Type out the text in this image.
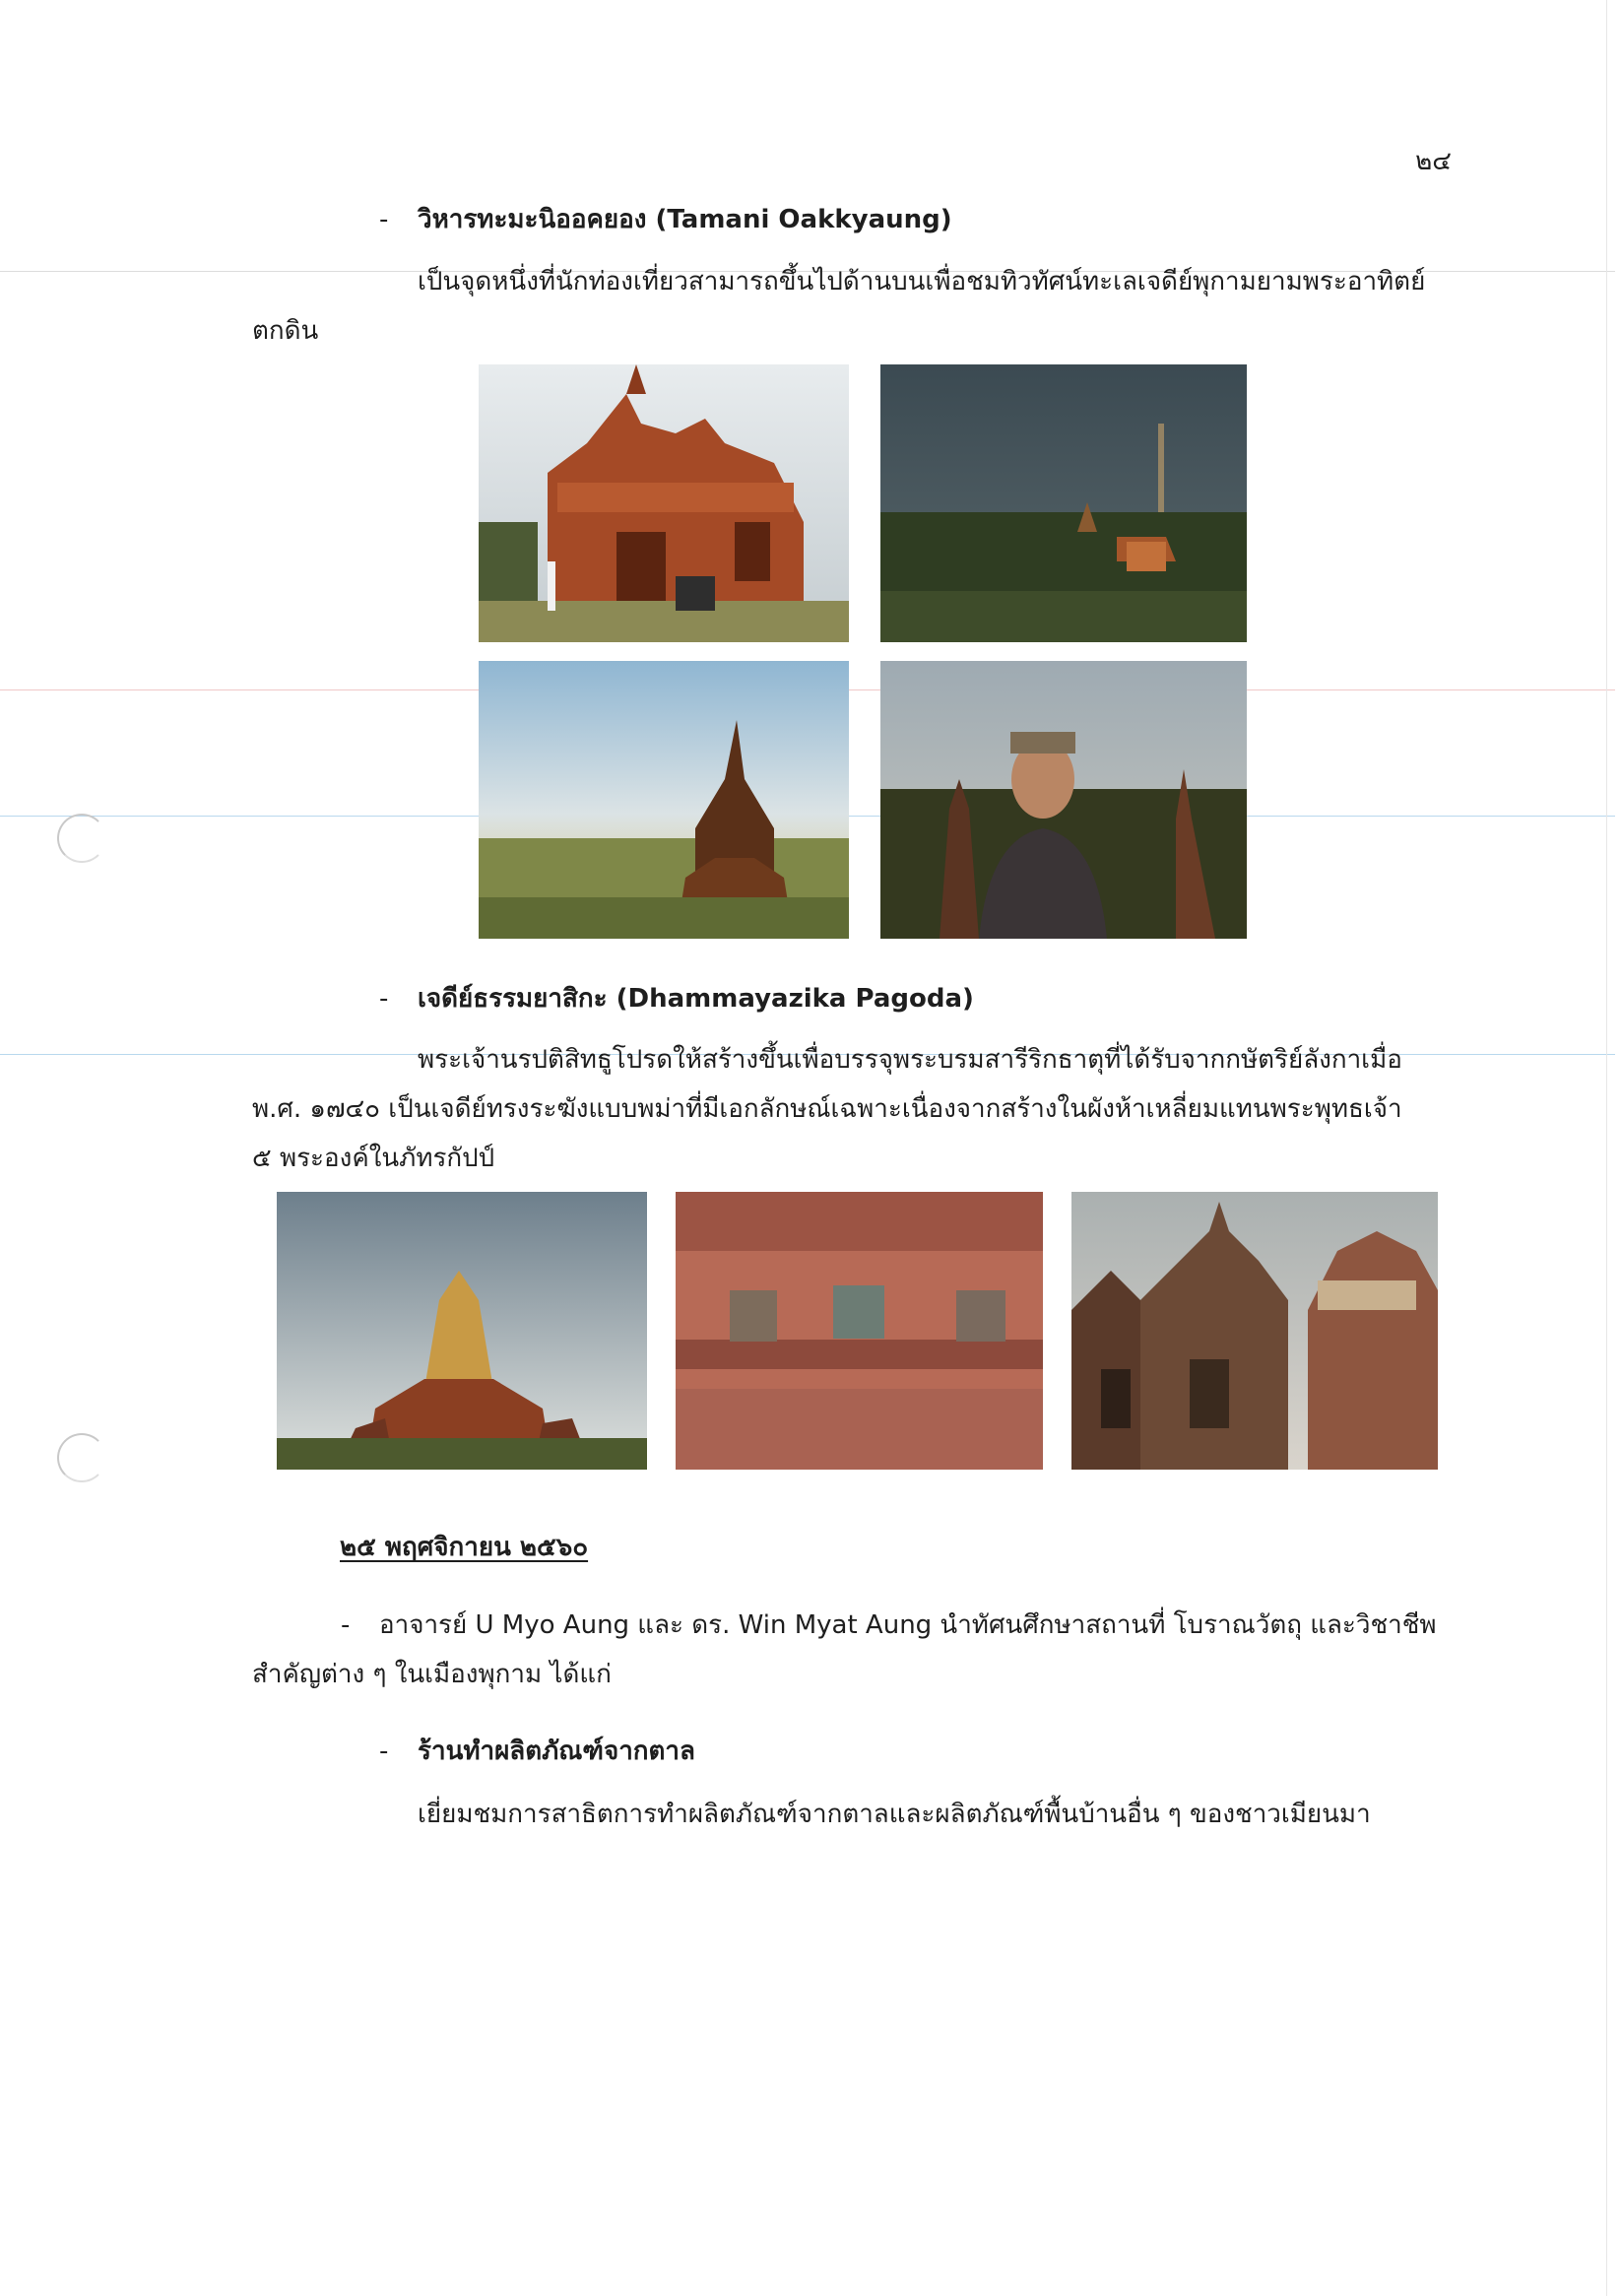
๒๔
- วิหารทะมะนิออคยอง (Tamani Oakkyaung)
เป็นจุดหนึ่งที่นักท่องเที่ยวสามารถขึ้นไปด้านบนเพื่อชมทิวทัศน์ทะเลเจดีย์พุกามยามพระอาทิตย์
ตกดิน
- เจดีย์ธรรมยาสิกะ (Dhammayazika Pagoda)
พระเจ้านรปติสิทธูโปรดให้สร้างขึ้นเพื่อบรรจุพระบรมสารีริกธาตุที่ได้รับจากกษัตริย์ลังกาเมื่อ
พ.ศ. ๑๗๔๐ เป็นเจดีย์ทรงระฆังแบบพม่าที่มีเอกลักษณ์เฉพาะเนื่องจากสร้างในผังห้าเหลี่ยมแทนพระพุทธเจ้า
๕ พระองค์ในภัทรกัปป์
๒๕ พฤศจิกายน ๒๕๖๐
- อาจารย์ U Myo Aung และ ดร. Win Myat Aung นำทัศนศึกษาสถานที่ โบราณวัตถุ และวิชาชีพ
สำคัญต่าง ๆ ในเมืองพุกาม ได้แก่
- ร้านทำผลิตภัณฑ์จากตาล
เยี่ยมชมการสาธิตการทำผลิตภัณฑ์จากตาลและผลิตภัณฑ์พื้นบ้านอื่น ๆ ของชาวเมียนมา
